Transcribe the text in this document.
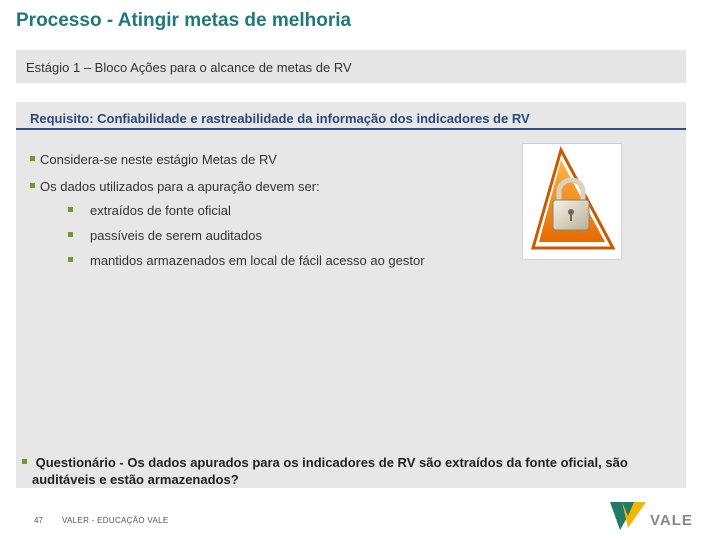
Processo - Atingir metas de melhoria
Estágio 1 – Bloco Ações para o alcance de metas de RV
Requisito: Confiabilidade e rastreabilidade da informação dos indicadores de RV
Considera-se neste estágio Metas de RV
Os dados utilizados para a apuração devem ser:
extraídos de fonte oficial
passíveis de serem auditados
mantidos armazenados em local de fácil acesso ao gestor
Questionário - Os dados apurados para os indicadores de RV são extraídos da fonte oficial, são
auditáveis e estão armazenados?
47 VALER - EDUCAÇÃO VALE	VALE
